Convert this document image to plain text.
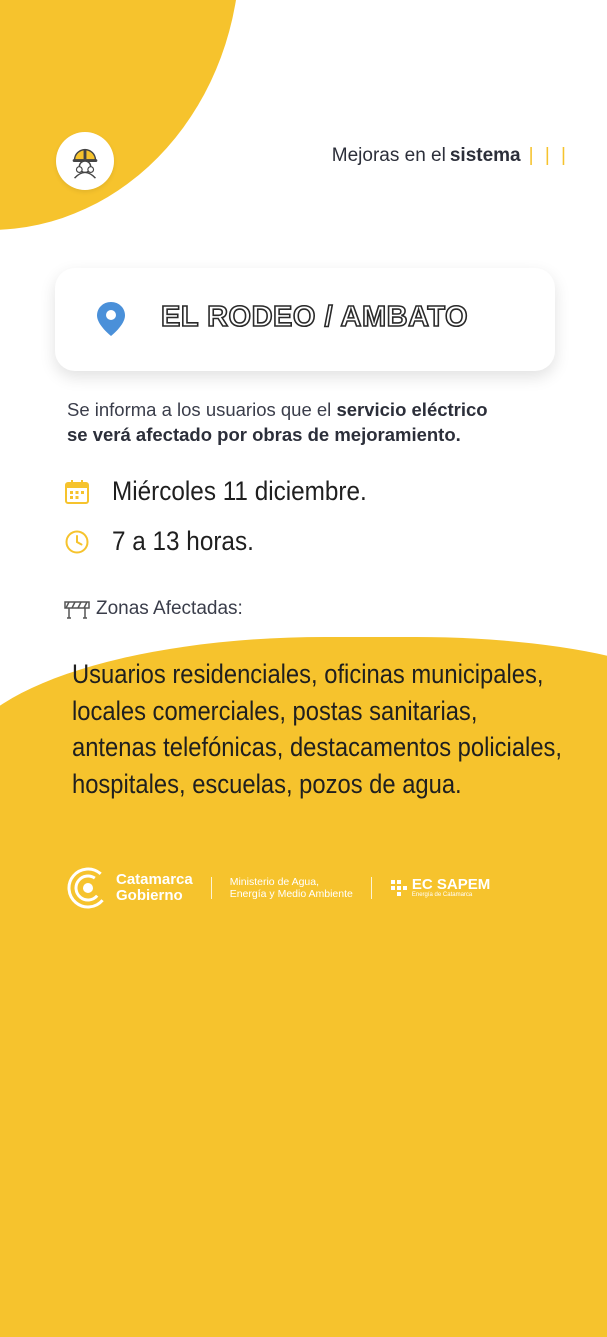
Mejoras en el sistema | | |
EL RODEO / AMBATO
Se informa a los usuarios que el servicio eléctrico
se verá afectado por obras de mejoramiento.
Miércoles 11 diciembre.
7 a 13 horas.
Zonas Afectadas:
Usuarios residenciales, oficinas municipales, locales comerciales, postas sanitarias, antenas telefónicas, destacamentos policiales, hospitales, escuelas, pozos de agua.
Catamarca
Gobierno
Ministerio de Agua,
Energía y Medio Ambiente
EC SAPEM
Energía de Catamarca
